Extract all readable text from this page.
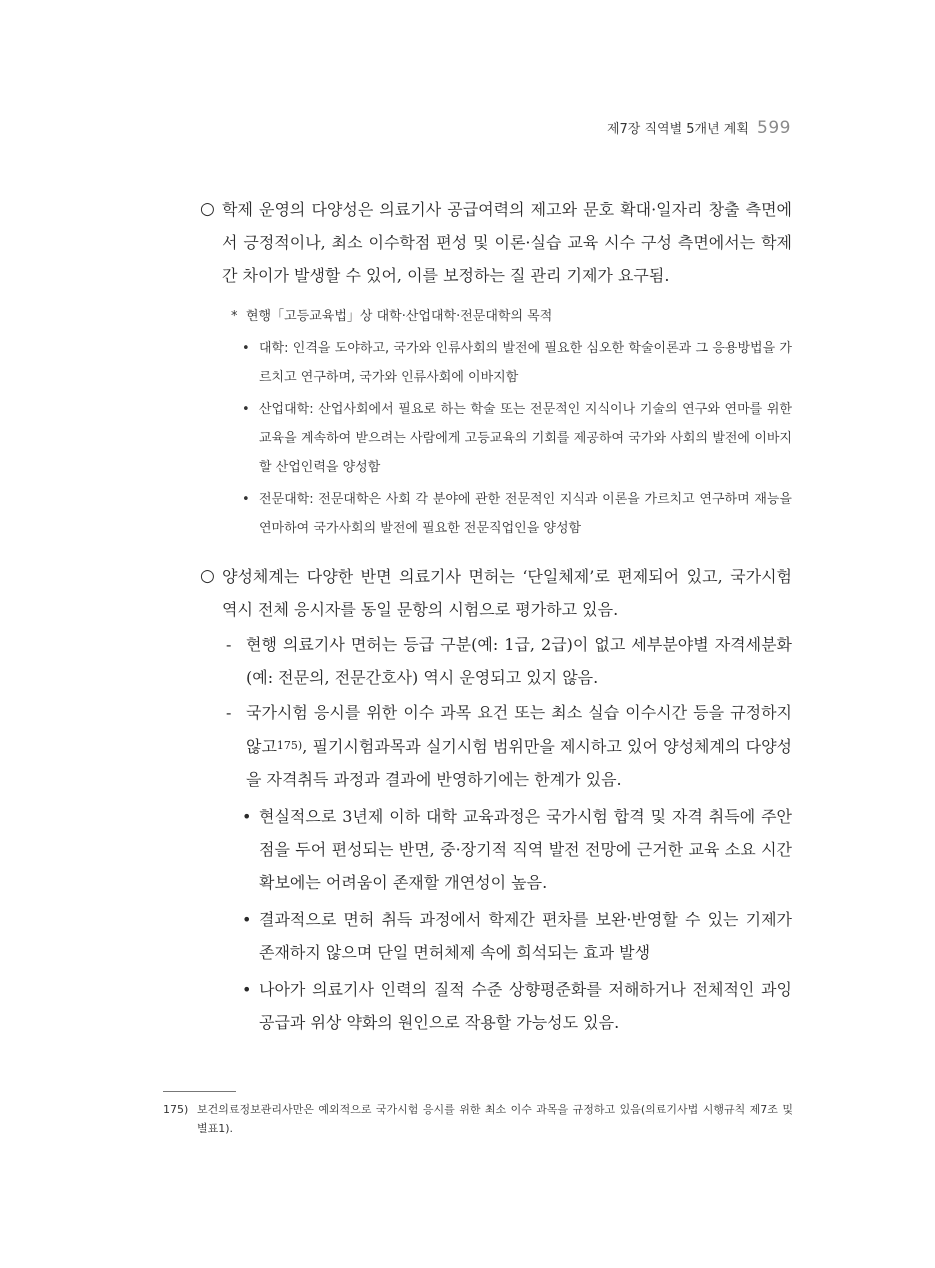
제7장 직역별 5개년 계획 599
○ 학제 운영의 다양성은 의료기사 공급여력의 제고와 문호 확대·일자리 창출 측면에서 긍정적이나, 최소 이수학점 편성 및 이론·실습 교육 시수 구성 측면에서는 학제간 차이가 발생할 수 있어, 이를 보정하는 질 관리 기제가 요구됨.
* 현행「고등교육법」상 대학·산업대학·전문대학의 목적
• 대학: 인격을 도야하고, 국가와 인류사회의 발전에 필요한 심오한 학술이론과 그 응용방법을 가르치고 연구하며, 국가와 인류사회에 이바지함
• 산업대학: 산업사회에서 필요로 하는 학술 또는 전문적인 지식이나 기술의 연구와 연마를 위한 교육을 계속하여 받으려는 사람에게 고등교육의 기회를 제공하여 국가와 사회의 발전에 이바지할 산업인력을 양성함
• 전문대학: 전문대학은 사회 각 분야에 관한 전문적인 지식과 이론을 가르치고 연구하며 재능을 연마하여 국가사회의 발전에 필요한 전문직업인을 양성함
○ 양성체계는 다양한 반면 의료기사 면허는 ‘단일체제’로 편제되어 있고, 국가시험 역시 전체 응시자를 동일 문항의 시험으로 평가하고 있음.
- 현행 의료기사 면허는 등급 구분(예: 1급, 2급)이 없고 세부분야별 자격세분화(예: 전문의, 전문간호사) 역시 운영되고 있지 않음.
- 국가시험 응시를 위한 이수 과목 요건 또는 최소 실습 이수시간 등을 규정하지 않고175), 필기시험과목과 실기시험 범위만을 제시하고 있어 양성체계의 다양성을 자격취득 과정과 결과에 반영하기에는 한계가 있음.
• 현실적으로 3년제 이하 대학 교육과정은 국가시험 합격 및 자격 취득에 주안점을 두어 편성되는 반면, 중·장기적 직역 발전 전망에 근거한 교육 소요 시간 확보에는 어려움이 존재할 개연성이 높음.
• 결과적으로 면허 취득 과정에서 학제간 편차를 보완·반영할 수 있는 기제가 존재하지 않으며 단일 면허체제 속에 희석되는 효과 발생
• 나아가 의료기사 인력의 질적 수준 상향평준화를 저해하거나 전체적인 과잉공급과 위상 약화의 원인으로 작용할 가능성도 있음.
175) 보건의료정보관리사만은 예외적으로 국가시험 응시를 위한 최소 이수 과목을 규정하고 있음(의료기사법 시행규칙 제7조 및 별표1).
